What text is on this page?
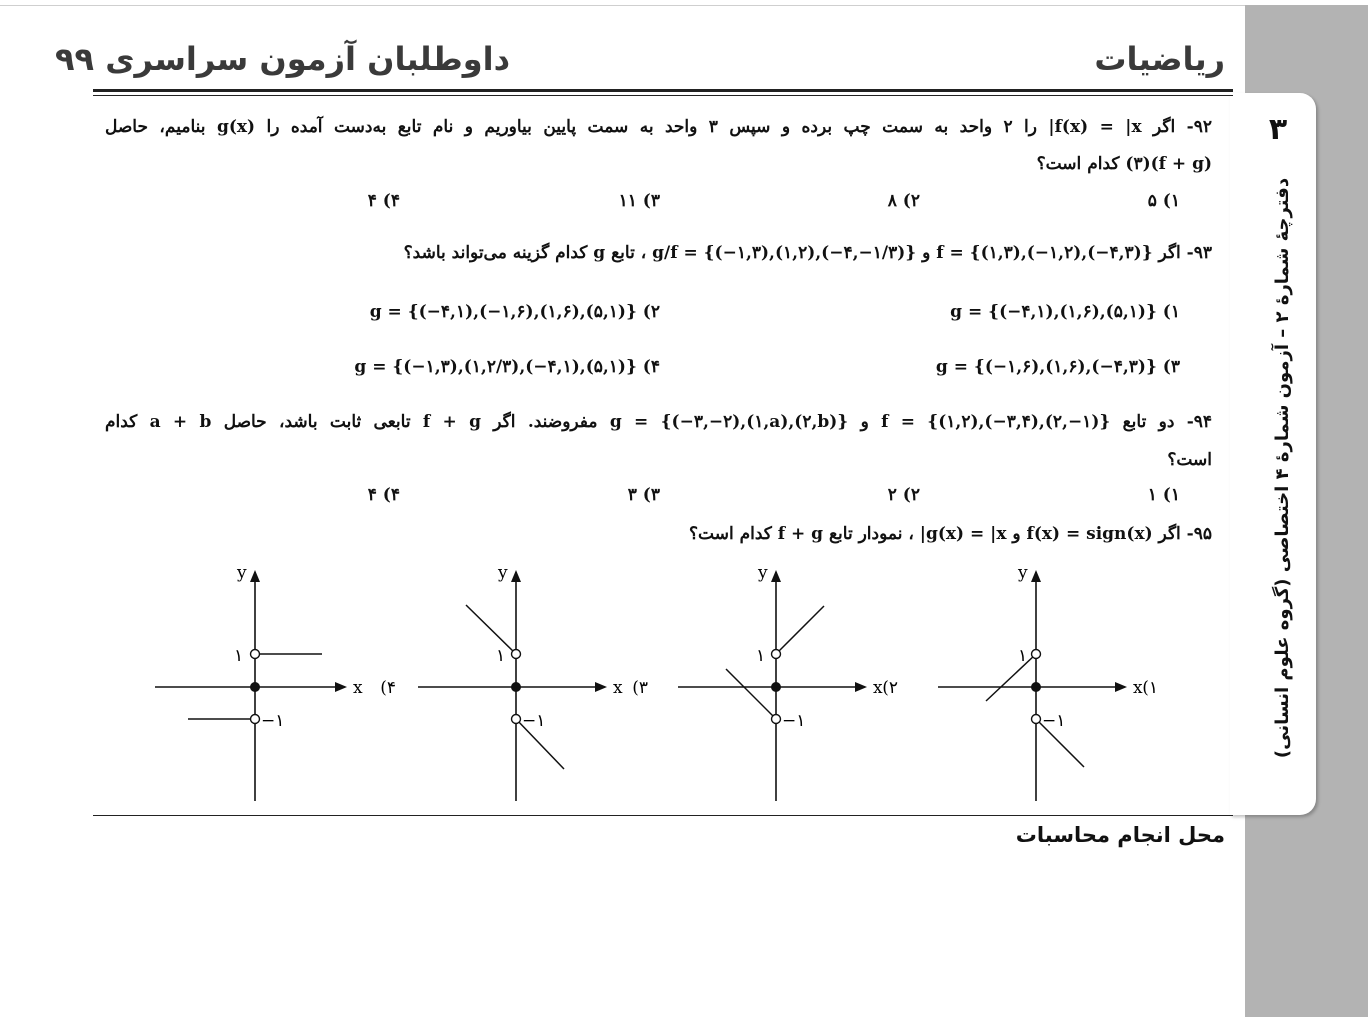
۳
دفترچهٔ شمارهٔ ۲ – آزمون شمارهٔ ۴ اختصاصی (گروه علوم انسانی)
ریاضیات
داوطلبان آزمون سراسری ۹۹
۹۲- اگر f(x) = |x| را ۲ واحد به سمت چپ برده و سپس ۳ واحد به سمت پایین بیاوریم و نام تابع به‌دست آمده را g(x) بنامیم، حاصل
(f + g)(۳) کدام است؟
۱) ۵
۲) ۸
۳) ۱۱
۴) ۴
۹۳- اگر f = {(۱,۳),(−۱,۲),(−۴,۳)} و g/f = {(−۱,۳),(۱,۲),(−۴,−۱/۳)} ، تابع g کدام گزینه می‌تواند باشد؟
۱) g = {(−۴,۱),(۱,۶),(۵,۱)}
۲) g = {(−۴,۱),(−۱,۶),(۱,۶),(۵,۱)}
۳) g = {(−۱,۶),(۱,۶),(−۴,۳)}
۴) g = {(−۱,۳),(۱,۲/۳),(−۴,۱),(۵,۱)}
۹۴- دو تابع f = {(۱,۲),(−۳,۴),(۲,−۱)} و g = {(−۳,−۲),(۱,a),(۲,b)} مفروضند. اگر f + g تابعی ثابت باشد، حاصل a + b کدام
است؟
۱) ۱
۲) ۲
۳) ۳
۴) ۴
۹۵- اگر f(x) = sign(x) و g(x) = |x| ، نمودار تابع f + g کدام است؟
x
y
۱
−۱
۱)
x
y
۱
−۱
۲)
x
y
۱
−۱
۳)
x
y
۱
−۱
۴)
محل انجام محاسبات
